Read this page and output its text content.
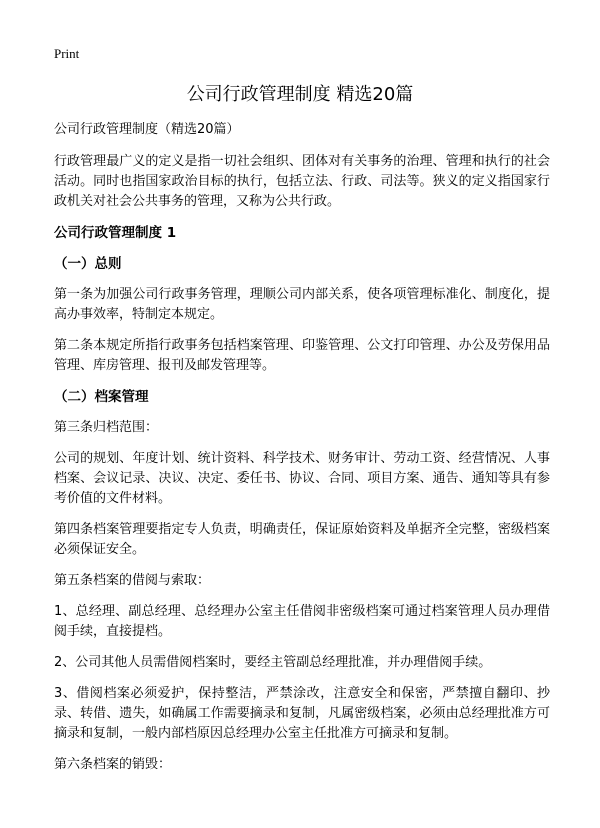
Print
公司行政管理制度 精选20篇

公司行政管理制度（精选20篇）

行政管理最广义的定义是指一切社会组织、团体对有关事务的治理、管理和执行的社会活动。同时也指国家政治目标的执行，包括立法、行政、司法等。狭义的定义指国家行政机关对社会公共事务的管理，又称为公共行政。

公司行政管理制度 1
（一）总则

第一条为加强公司行政事务管理，理顺公司内部关系，使各项管理标准化、制度化，提高办事效率，特制定本规定。

第二条本规定所指行政事务包括档案管理、印鉴管理、公文打印管理、办公及劳保用品管理、库房管理、报刊及邮发管理等。

（二）档案管理

第三条归档范围：

公司的规划、年度计划、统计资料、科学技术、财务审计、劳动工资、经营情况、人事档案、会议记录、决议、决定、委任书、协议、合同、项目方案、通告、通知等具有参考价值的文件材料。

第四条档案管理要指定专人负责，明确责任，保证原始资料及单据齐全完整，密级档案必须保证安全。

第五条档案的借阅与索取：

1、总经理、副总经理、总经理办公室主任借阅非密级档案可通过档案管理人员办理借阅手续，直接提档。

2、公司其他人员需借阅档案时，要经主管副总经理批准，并办理借阅手续。

3、借阅档案必须爱护，保持整洁，严禁涂改，注意安全和保密，严禁擅自翻印、抄录、转借、遗失，如确属工作需要摘录和复制，凡属密级档案，必须由总经理批准方可摘录和复制，一般内部档原因总经理办公室主任批准方可摘录和复制。

第六条档案的销毁：
